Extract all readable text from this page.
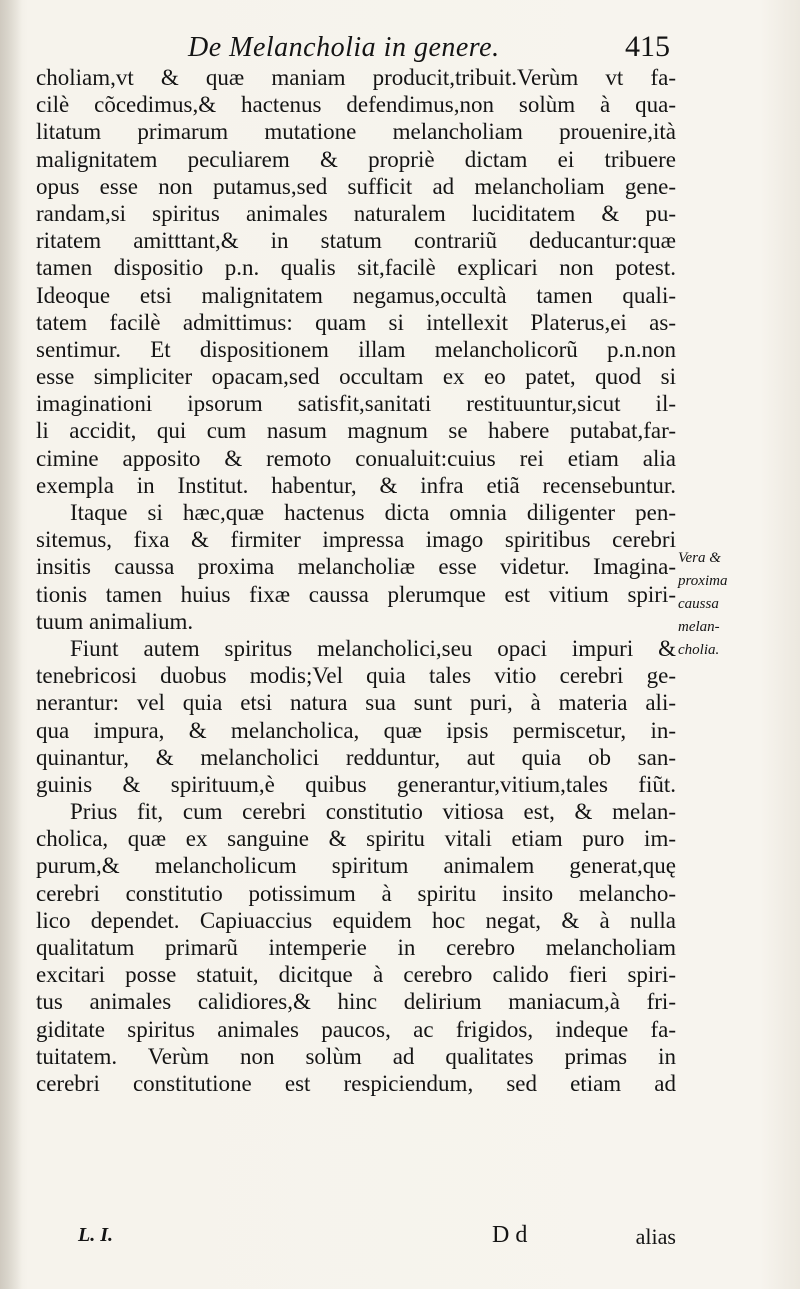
De Melancholia in genere.	415
choliam,vt & quæ maniam producit,tribuit.Verùm vt fa-
cilè cõcedimus,& hactenus defendimus,non solùm à qua-
litatum primarum mutatione melancholiam prouenire,ità
malignitatem peculiarem & propriè dictam ei tribuere
opus esse non putamus,sed sufficit ad melancholiam gene-
randam,si spiritus animales naturalem luciditatem & pu-
ritatem amitttant,& in statum contrariũ deducantur:quæ
tamen dispositio p.n. qualis sit,facilè explicari non potest.
Ideoque etsi malignitatem negamus,occultà tamen quali-
tatem facilè admittimus: quam si intellexit Platerus,ei as-
sentimur. Et dispositionem illam melancholicorũ p.n.non
esse simpliciter opacam,sed occultam ex eo patet, quod si
imaginationi ipsorum satisfit,sanitati restituuntur,sicut il-
li accidit, qui cum nasum magnum se habere putabat,far-
cimine apposito & remoto conualuit:cuius rei etiam alia
exempla in Institut. habentur, & infra etiã recensebuntur.
Itaque si hæc,quæ hactenus dicta omnia diligenter pen-
sitemus, fixa & firmiter impressa imago spiritibus cerebri
insitis caussa proxima melancholiæ esse videtur. Imagina-
tionis tamen huius fixæ caussa plerumque est vitium spiri-
tuum animalium.
Fiunt autem spiritus melancholici,seu opaci impuri &
tenebricosi duobus modis;Vel quia tales vitio cerebri ge-
nerantur: vel quia etsi natura sua sunt puri, à materia ali-
qua impura, & melancholica, quæ ipsis permiscetur, in-
quinantur, & melancholici redduntur, aut quia ob san-
guinis & spirituum,è quibus generantur,vitium,tales fiũt.
Prius fit, cum cerebri constitutio vitiosa est, & melan-
cholica, quæ ex sanguine & spiritu vitali etiam puro im-
purum,& melancholicum spiritum animalem generat,quę
cerebri constitutio potissimum à spiritu insito melancho-
lico dependet. Capiuaccius equidem hoc negat, & à nulla
qualitatum primarũ intemperie in cerebro melancholiam
excitari posse statuit, dicitque à cerebro calido fieri spiri-
tus animales calidiores,& hinc delirium maniacum,à fri-
giditate spiritus animales paucos, ac frigidos, indeque fa-
tuitatem. Verùm non solùm ad qualitates primas in
cerebri constitutione est respiciendum, sed etiam ad
Vera &
proxima
caussa
melan-
cholia.
L. I.	D d	alias
